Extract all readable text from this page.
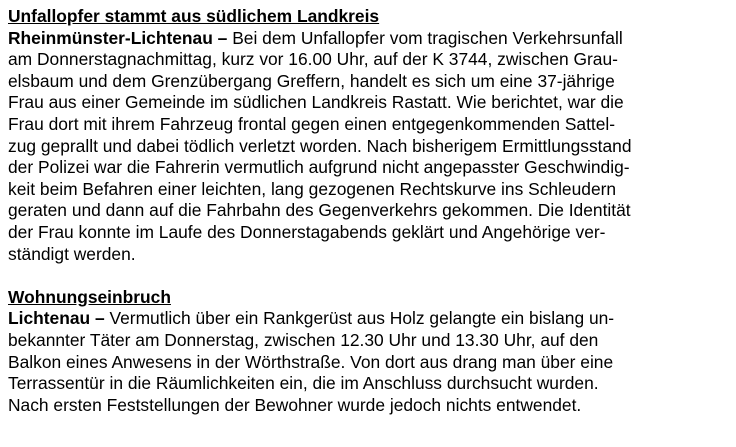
Unfallopfer stammt aus südlichem Landkreis
Rheinmünster-Lichtenau – Bei dem Unfallopfer vom tragischen Verkehrsunfall
am Donnerstagnachmittag, kurz vor 16.00 Uhr, auf der K 3744, zwischen Grau-
elsbaum und dem Grenzübergang Greffern, handelt es sich um eine 37-jährige
Frau aus einer Gemeinde im südlichen Landkreis Rastatt. Wie berichtet, war die
Frau dort mit ihrem Fahrzeug frontal gegen einen entgegenkommenden Sattel-
zug geprallt und dabei tödlich verletzt worden. Nach bisherigem Ermittlungsstand
der Polizei war die Fahrerin vermutlich aufgrund nicht angepasster Geschwindig-
keit beim Befahren einer leichten, lang gezogenen Rechtskurve ins Schleudern
geraten und dann auf die Fahrbahn des Gegenverkehrs gekommen. Die Identität
der Frau konnte im Laufe des Donnerstagabends geklärt und Angehörige ver-
ständigt werden.
Wohnungseinbruch
Lichtenau – Vermutlich über ein Rankgerüst aus Holz gelangte ein bislang un-
bekannter Täter am Donnerstag, zwischen 12.30 Uhr und 13.30 Uhr, auf den
Balkon eines Anwesens in der Wörthstraße. Von dort aus drang man über eine
Terrassentür in die Räumlichkeiten ein, die im Anschluss durchsucht wurden.
Nach ersten Feststellungen der Bewohner wurde jedoch nichts entwendet.
